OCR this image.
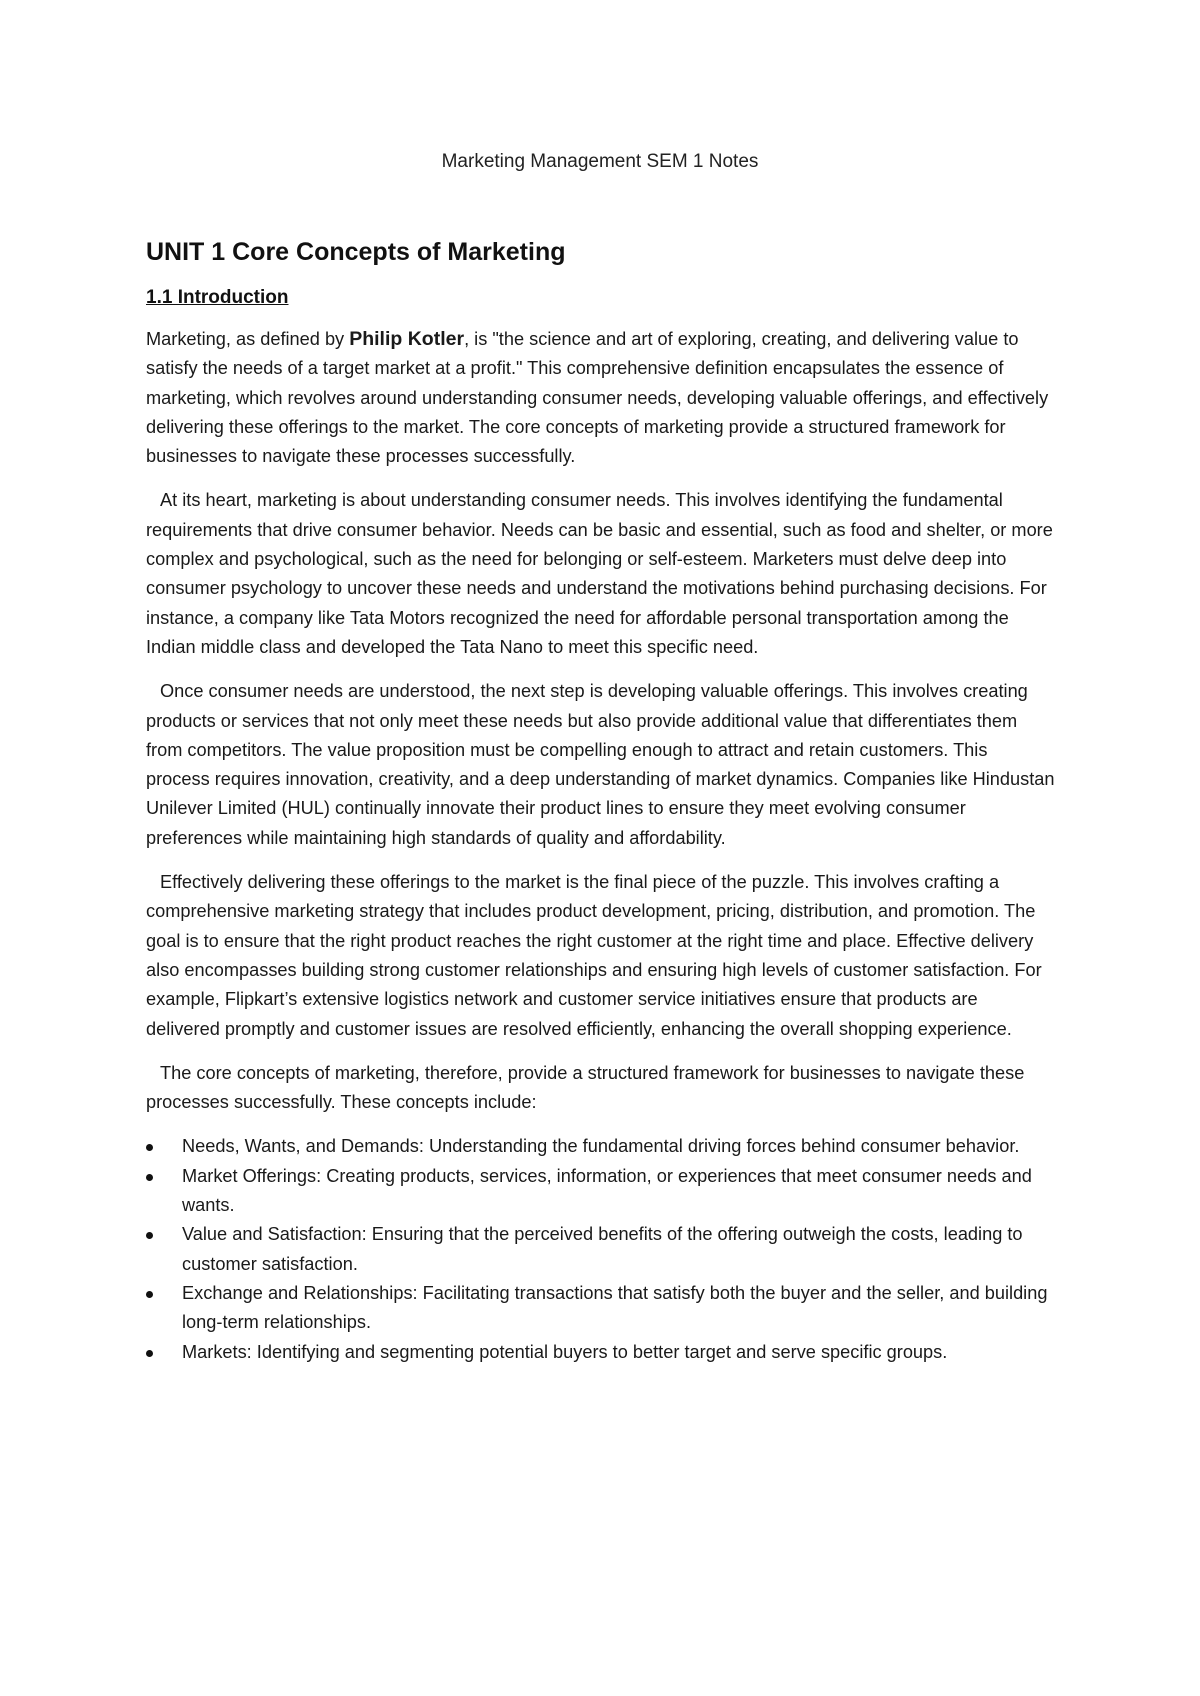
Marketing Management SEM 1 Notes
UNIT 1 Core Concepts of Marketing
1.1 Introduction

Marketing, as defined by Philip Kotler, is "the science and art of exploring, creating, and delivering value to satisfy the needs of a target market at a profit." This comprehensive definition encapsulates the essence of marketing, which revolves around understanding consumer needs, developing valuable offerings, and effectively delivering these offerings to the market. The core concepts of marketing provide a structured framework for businesses to navigate these processes successfully.

At its heart, marketing is about understanding consumer needs. This involves identifying the fundamental requirements that drive consumer behavior. Needs can be basic and essential, such as food and shelter, or more complex and psychological, such as the need for belonging or self-esteem. Marketers must delve deep into consumer psychology to uncover these needs and understand the motivations behind purchasing decisions. For instance, a company like Tata Motors recognized the need for affordable personal transportation among the Indian middle class and developed the Tata Nano to meet this specific need.

Once consumer needs are understood, the next step is developing valuable offerings. This involves creating products or services that not only meet these needs but also provide additional value that differentiates them from competitors. The value proposition must be compelling enough to attract and retain customers. This process requires innovation, creativity, and a deep understanding of market dynamics. Companies like Hindustan Unilever Limited (HUL) continually innovate their product lines to ensure they meet evolving consumer preferences while maintaining high standards of quality and affordability.

Effectively delivering these offerings to the market is the final piece of the puzzle. This involves crafting a comprehensive marketing strategy that includes product development, pricing, distribution, and promotion. The goal is to ensure that the right product reaches the right customer at the right time and place. Effective delivery also encompasses building strong customer relationships and ensuring high levels of customer satisfaction. For example, Flipkart’s extensive logistics network and customer service initiatives ensure that products are delivered promptly and customer issues are resolved efficiently, enhancing the overall shopping experience.

The core concepts of marketing, therefore, provide a structured framework for businesses to navigate these processes successfully. These concepts include:

Needs, Wants, and Demands: Understanding the fundamental driving forces behind consumer behavior.
Market Offerings: Creating products, services, information, or experiences that meet consumer needs and wants.
Value and Satisfaction: Ensuring that the perceived benefits of the offering outweigh the costs, leading to customer satisfaction.
Exchange and Relationships: Facilitating transactions that satisfy both the buyer and the seller, and building long-term relationships.
Markets: Identifying and segmenting potential buyers to better target and serve specific groups.
